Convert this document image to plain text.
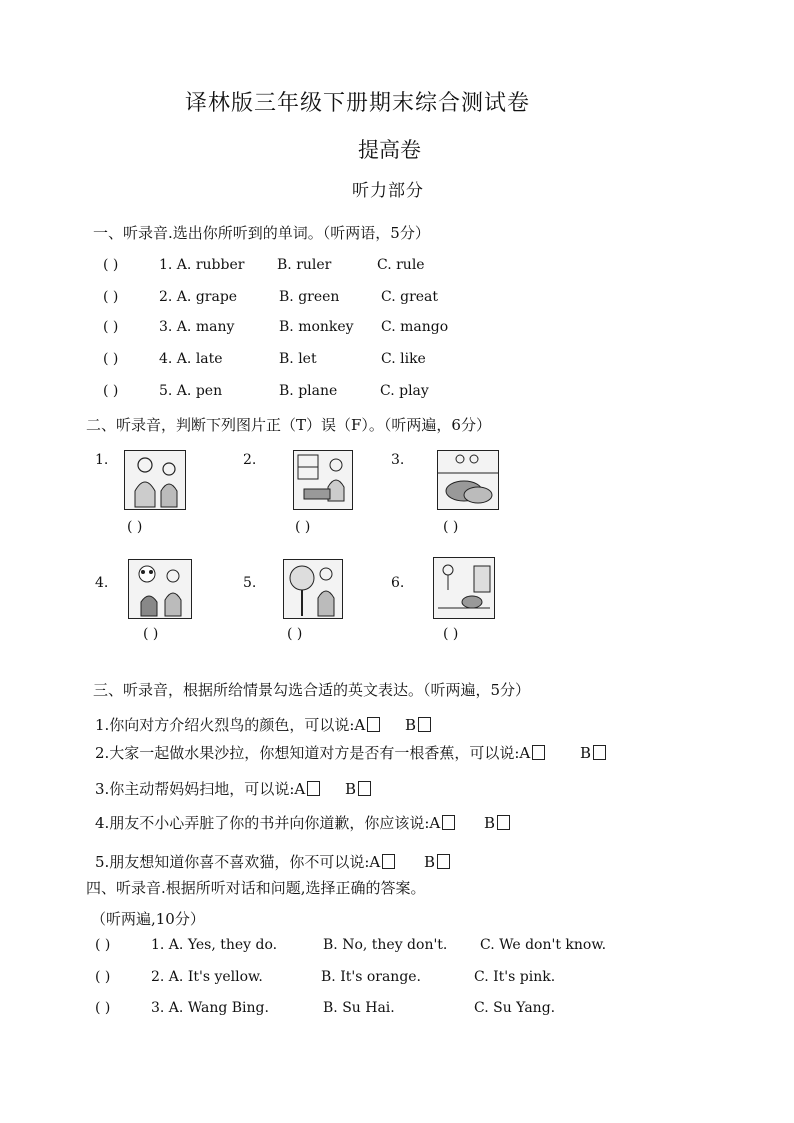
译林版三年级下册期末综合测试卷
提高卷
听力部分
一、听录音.选出你所听到的单词。（听两语，5分）
( )	1. A. rubber B. ruler	C. rule
( )	2. A. grape	B. green	C. great
( )	3. A. many	B. monkey C. mango
( )	4. A. late	B. let	C. like
( )	5. A. pen	B. plane	C. play
二、听录音，判断下列图片正（T）误（F）。（听两遍，6分）
1.
( )
2.
( )
3.
( )
4.
( )
5.
( )
6.
( )
三、听录音，根据所给情景勾选合适的英文表达。（听两遍，5分）
1.你向对方介绍火烈鸟的颜色，可以说:A	B
2.大家一起做水果沙拉，你想知道对方是否有一根香蕉，可以说:A	B
3.你主动帮妈妈扫地，可以说:A	B
4.朋友不小心弄脏了你的书并向你道歉，你应该说:A	B
5.朋友想知道你喜不喜欢猫，你不可以说:A	B
四、听录音.根据所听对话和问题,选择正确的答案。
（听两遍,10分）
( )	1. A. Yes, they do.	B. No, they don't. C. We don't know.
( )	2. A. It's yellow.	B. It's orange.	C. It's pink.
( )	3. A. Wang Bing.	B. Su Hai.	C. Su Yang.
